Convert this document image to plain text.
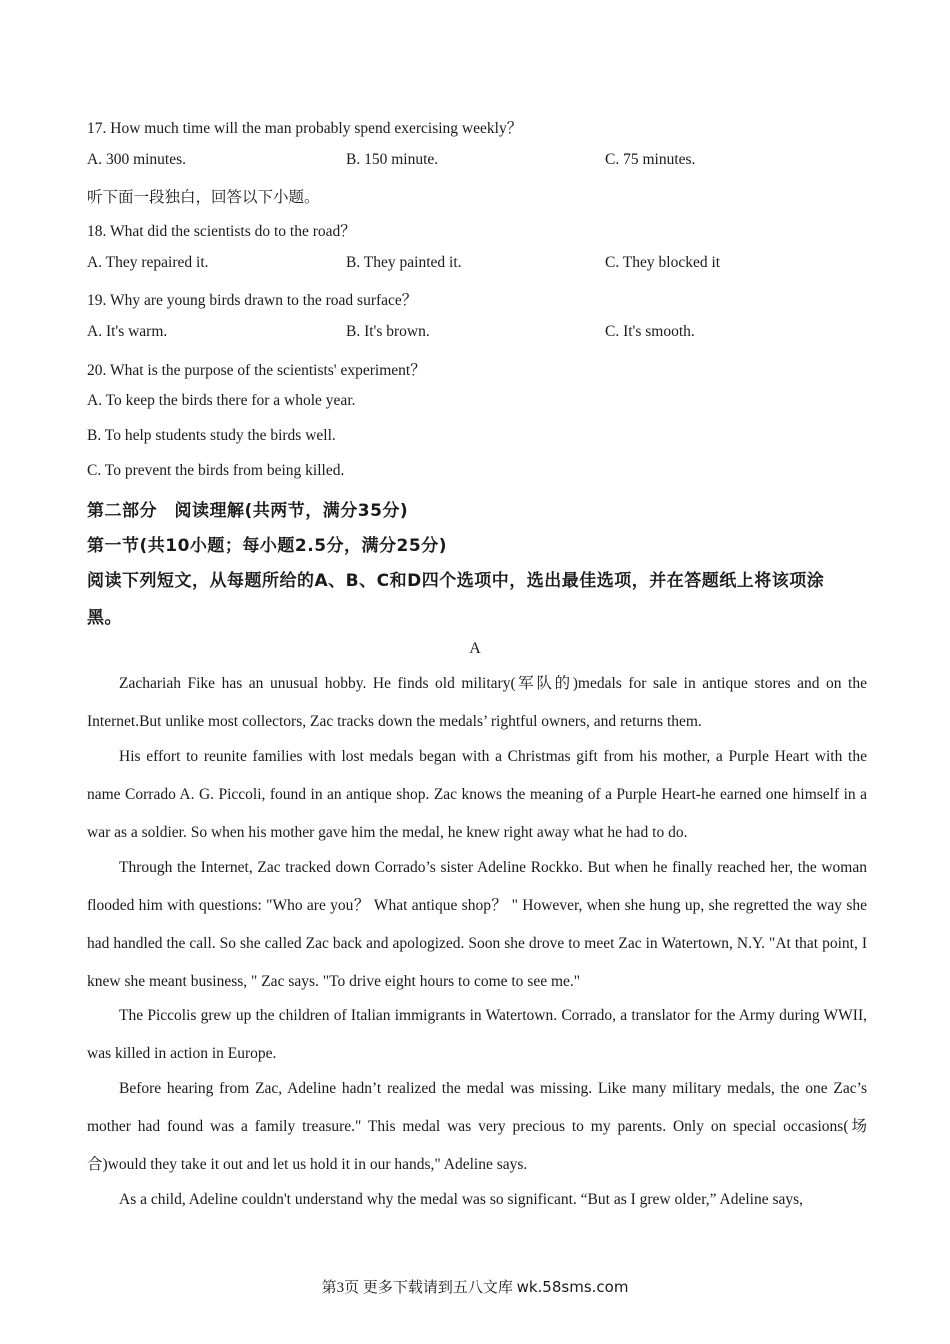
17. How much time will the man probably spend exercising weekly？
A. 300 minutes.	B. 150 minute.	C. 75 minutes.
听下面一段独白，回答以下小题。
18. What did the scientists do to the road？
A. They repaired it.	B. They painted it.	C. They blocked it
19. Why are young birds drawn to the road surface？
A. It's warm.	B. It's brown.	C. It's smooth.
20. What is the purpose of the scientists' experiment？
A. To keep the birds there for a whole year.
B. To help students study the birds well.
C. To prevent the birds from being killed.
第二部分　阅读理解(共两节，满分35分)
第一节(共10小题；每小题2.5分，满分25分)
阅读下列短文，从每题所给的A、B、C和D四个选项中，选出最佳选项，并在答题纸上将该项涂
黑。
A
Zachariah Fike has an unusual hobby. He finds old military(军队的)medals for sale in antique stores and on the Internet.But unlike most collectors, Zac tracks down the medals’ rightful owners, and returns them.
His effort to reunite families with lost medals began with a Christmas gift from his mother, a Purple Heart with the name Corrado A. G. Piccoli, found in an antique shop. Zac knows the meaning of a Purple Heart-he earned one himself in a war as a soldier. So when his mother gave him the medal, he knew right away what he had to do.
Through the Internet, Zac tracked down Corrado’s sister Adeline Rockko. But when he finally reached her, the woman flooded him with questions: "Who are you？ What antique shop？ " However, when she hung up, she regretted the way she had handled the call. So she called Zac back and apologized. Soon she drove to meet Zac in Watertown, N.Y. "At that point, I knew she meant business, " Zac says. "To drive eight hours to come to see me."
The Piccolis grew up the children of Italian immigrants in Watertown. Corrado, a translator for the Army during WWII, was killed in action in Europe.
Before hearing from Zac, Adeline hadn’t realized the medal was missing. Like many military medals, the one Zac’s mother had found was a family treasure." This medal was very precious to my parents. Only on special occasions(场合)would they take it out and let us hold it in our hands," Adeline says.
As a child, Adeline couldn't understand why the medal was so significant. “But as I grew older,” Adeline says,
第3页 更多下载请到五八文库 wk.58sms.com
